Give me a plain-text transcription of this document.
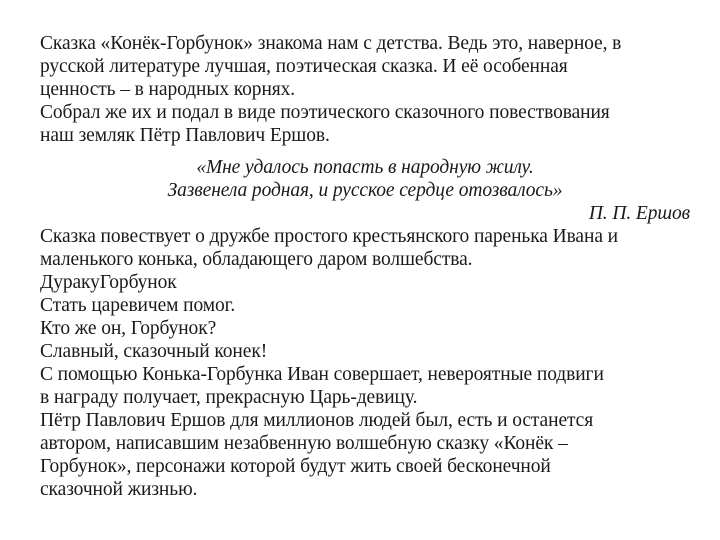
Сказка «Конёк-Горбунок» знакома нам с детства. Ведь это, наверное, в
русской литературе лучшая, поэтическая сказка. И её особенная
ценность – в народных корнях.
Собрал же их и подал в виде поэтического сказочного повествования
наш земляк Пётр Павлович Ершов.
«Мне удалось попасть в народную жилу.
Зазвенела родная, и русское сердце отозвалось»
П. П. Ершов
Сказка повествует о дружбе простого крестьянского паренька Ивана и
маленького конька, обладающего даром волшебства.
ДуракуГорбунок
Стать царевичем помог.
Кто же он, Горбунок?
Славный, сказочный конек!
С помощью Конька-Горбунка Иван совершает, невероятные подвиги
в награду получает, прекрасную Царь-девицу.
Пётр Павлович Ершов для миллионов людей был, есть и останется
автором, написавшим незабвенную волшебную сказку «Конёк –
Горбунок», персонажи которой будут жить своей бесконечной
сказочной жизнью.
